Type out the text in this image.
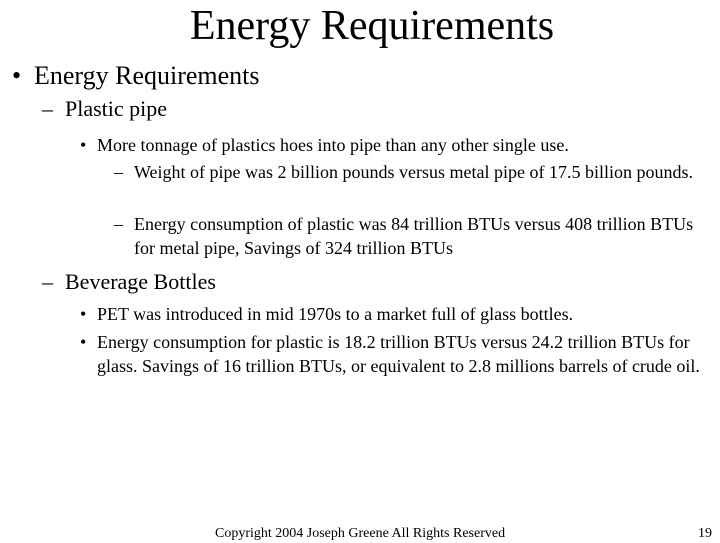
Energy Requirements
• Energy Requirements
– Plastic pipe
• More tonnage of plastics hoes into pipe than any other single use.
– Weight of pipe was 2 billion pounds versus metal pipe of 17.5 billion pounds.
– Energy consumption of plastic was 84 trillion BTUs versus 408 trillion BTUs for metal pipe, Savings of 324 trillion BTUs
– Beverage Bottles
• PET was introduced in mid 1970s to a market full of glass bottles.
• Energy consumption for plastic is 18.2 trillion BTUs versus 24.2 trillion BTUs for glass. Savings of 16 trillion BTUs, or equivalent to 2.8 millions barrels of crude oil.
Copyright 2004 Joseph Greene All Rights Reserved	19
